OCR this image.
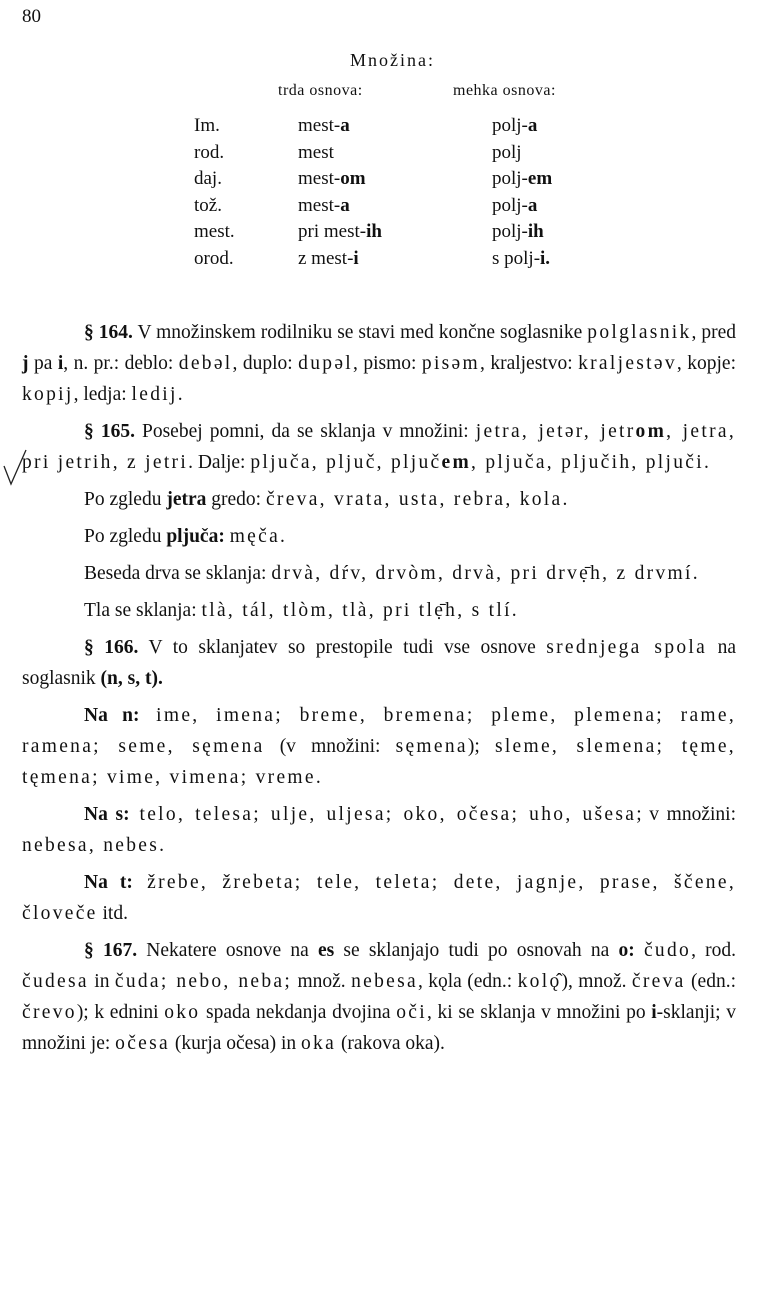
80
Množina:
trda osnova:	mehka osnova:
Im.	mest-a	polj-a
rod.	mest	polj
daj.	mest-om	polj-em
tož.	mest-a	polj-a
mest.	pri mest-ih	polj-ih
orod.	z mest-i	s polj-i.

§ 164. V množinskem rodilniku se stavi med končne soglasnike polglasnik, pred j pa i, n. pr.: deblo: debəl, duplo: dupəl, pismo: pisəm, kraljestvo: kraljestəv, kopje: kopij, ledja: ledij.

§ 165. Posebej pomni, da se sklanja v množini: jetra, jetər, jetrom, jetra, pri jetrih, z jetri. Dalje: pljuča, pljuč, pljučem, pljuča, pljučih, pljuči.

Po zgledu jetra gredo: čreva, vrata, usta, rebra, kola.

Po zgledu pljuča: męča.

Beseda drva se sklanja: drvà, dŕv, drvòm, drvà, pri drvẹ̄h, z drvmí.

Tla se sklanja: tlà, tál, tlòm, tlà, pri tlẹ̄h, s tlí.

§ 166. V to sklanjatev so prestopile tudi vse osnove srednjega spola na soglasnik (n, s, t).

Na n: ime, imena; breme, bremena; pleme, plemena; rame, ramena; seme, sęmena (v množini: sęmena); sleme, slemena; tęme, tęmena; vime, vimena; vreme.

Na s: telo, telesa; ulje, uljesa; oko, očesa; uho, ušesa; v množini: nebesa, nebes.

Na t: žrebe, žrebeta; tele, teleta; dete, jagnje, prase, ščene, človeče itd.

§ 167. Nekatere osnove na es se sklanjajo tudi po osnovah na o: čudo, rod. čudesa in čuda; nebo, neba; množ. nebesa, kǫla (edn.: kolǫ̂), množ. čreva (edn.: črevo); k ednini oko spada nekdanja dvojina oči, ki se sklanja v množini po i-sklanji; v množini je: očesa (kurja očesa) in oka (rakova oka).
